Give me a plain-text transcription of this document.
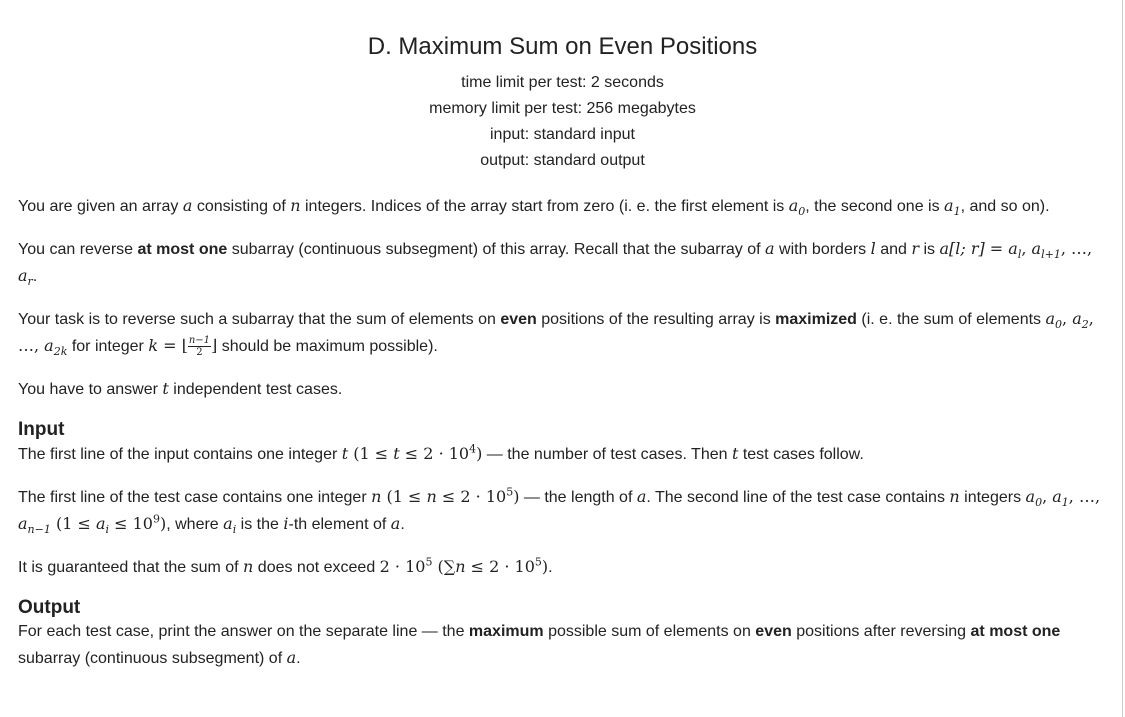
D. Maximum Sum on Even Positions
time limit per test: 2 seconds
memory limit per test: 256 megabytes
input: standard input
output: standard output
You are given an array a consisting of n integers. Indices of the array start from zero (i. e. the first element is $a_0$, the second one is $a_1$, and so on).
You can reverse at most one subarray (continuous subsegment) of this array. Recall that the subarray of a with borders l and r is a[l; $r] = a_l$, $a_{l+1}$, …, $a_r$.
Your task is to reverse such a subarray that the sum of elements on even positions of the resulting array is maximized (i. e. the sum of elements $a_0$, $a_2$, …, $a_{2k}$ for integer k = ⌊ $\frac{n-1}{2}$ ⌋ should be maximum possible).
You have to answer t independent test cases.
Input
The first line of the input contains one integer t $(1 \le t \le 2 \cdot 10^4)$ — the number of test cases. Then t test cases follow.
The first line of the test case contains one integer n $(1 \le n \le 2 \cdot 10^5)$ — the length of a. The second line of the test case contains n integers $a_0$, $a_1$, …, $a_{n-1}$ $(1 \le a_i \le 10^9)$, where $a_i$ is the i-th element of a.
It is guaranteed that the sum of n does not exceed $2 \cdot 10^5$ $(\sum n \le 2 \cdot 10^5)$.
Output
For each test case, print the answer on the separate line — the maximum possible sum of elements on even positions after reversing at most one subarray (continuous subsegment) of a.
